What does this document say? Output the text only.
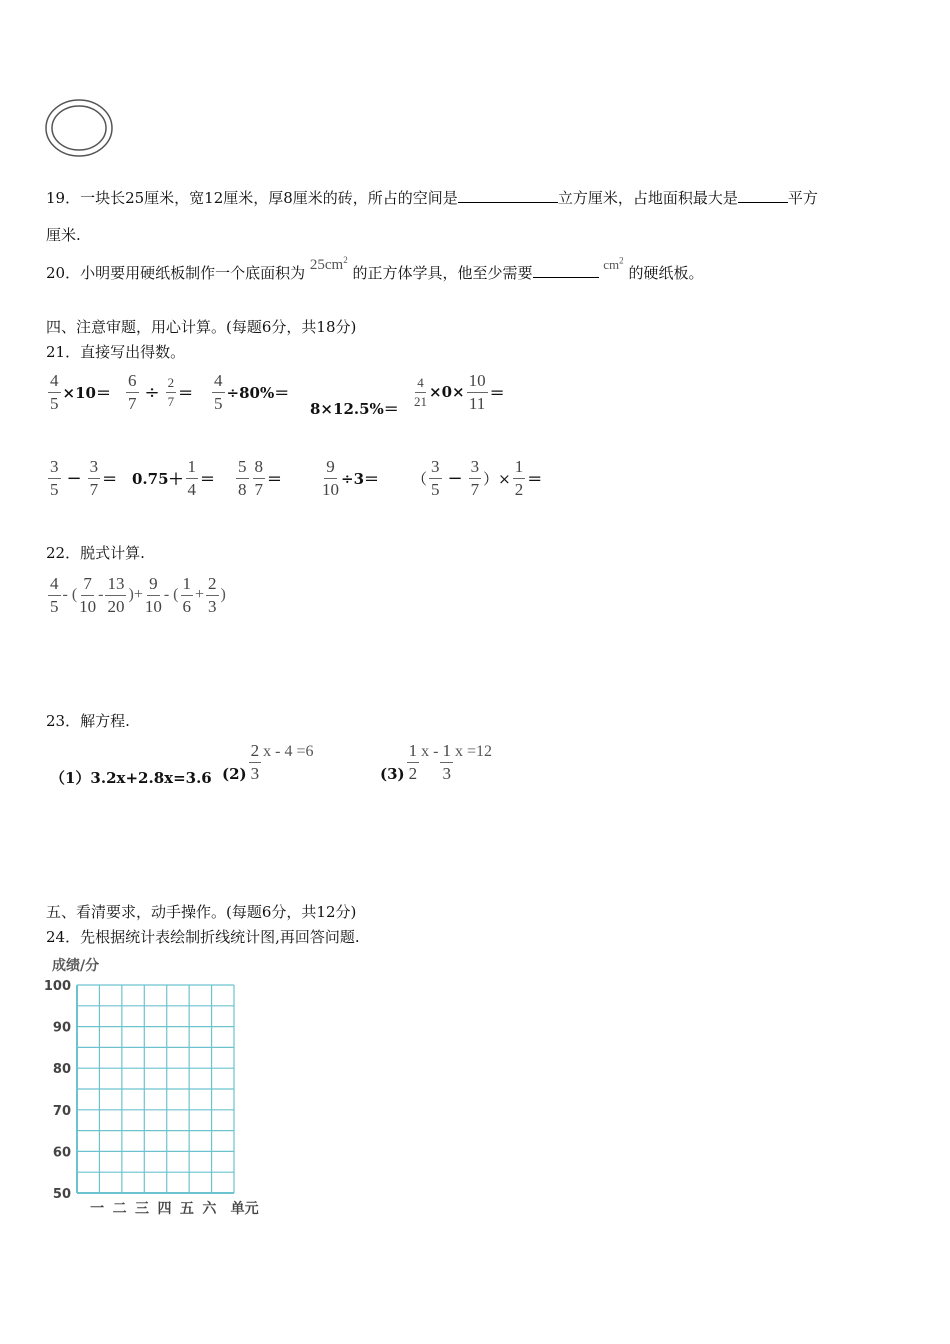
19．一块长25厘米，宽12厘米，厚8厘米的砖，所占的空间是	立方厘米，占地面积最大是	平方
厘米.
20．小明要用硬纸板制作一个底面积为 $25cm^2$ 的正方体学具，他至少需要	$cm^2$ 的硬纸板。
四、注意审题，用心计算。(每题6分，共18分)
21．直接写出得数。
$\frac{4}{5} \times 10= \frac{6}{7} \div \frac{2}{7} = \frac{4}{5} \div 80\%=$
8×12.5%＝
$\frac{4}{21} \times 0\times \frac{10}{11}$ ＝
$\frac{3}{5} - \frac{3}{7} = 0.75+ \frac{1}{4} = \frac{5}{8} \frac{8}{7} = \frac{9}{10} \div 3=$ （ $\frac{3}{5} - \frac{3}{7}$ ）× $\frac{1}{2}$ ＝
22．脱式计算.
$\frac{4}{5}$ - ( $\frac{7}{10} - \frac{13}{20}$ )+ $\frac{9}{10}$ - ( $\frac{1}{6} + \frac{2}{3}$ )
23．解方程.
（1）3.2x+2.8x=3.6 $(2) \frac{2}{3}$ x - 4 =6
$(3) \frac{1}{2}$ x - $\frac{1}{3}$ x =12
五、看清要求，动手操作。(每题6分，共12分)
24．先根据统计表绘制折线统计图,再回答问题.
成绩/分
100
90
80
70
60
50
一 二 三 四 五 六 单元
